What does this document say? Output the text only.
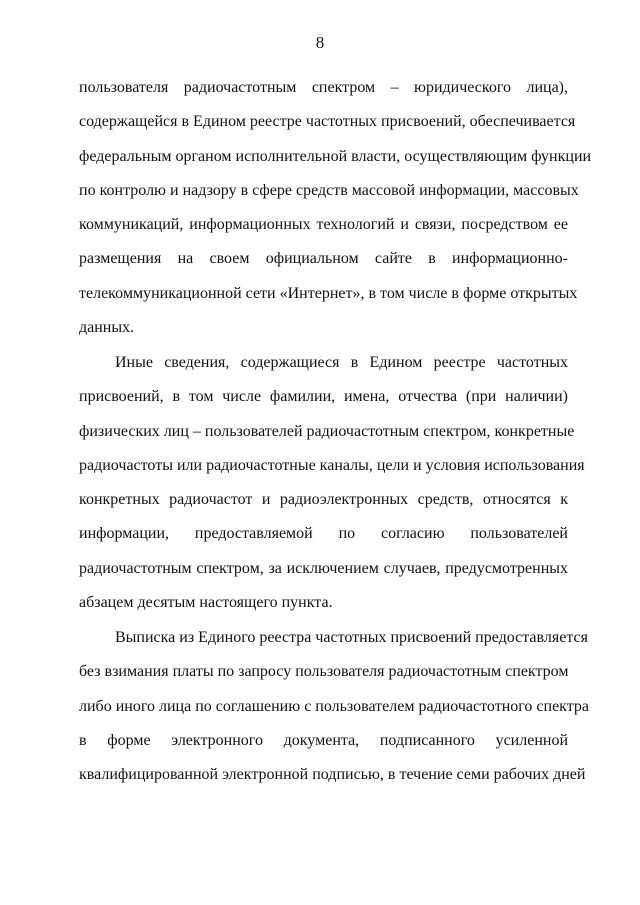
8
пользователя радиочастотным спектром – юридического лица),
содержащейся в Едином реестре частотных присвоений, обеспечивается
федеральным органом исполнительной власти, осуществляющим функции
по контролю и надзору в сфере средств массовой информации, массовых
коммуникаций, информационных технологий и связи, посредством ее
размещения на своем официальном сайте в информационно-
телекоммуникационной сети «Интернет», в том числе в форме открытых
данных.
Иные сведения, содержащиеся в Едином реестре частотных
присвоений, в том числе фамилии, имена, отчества (при наличии)
физических лиц – пользователей радиочастотным спектром, конкретные
радиочастоты или радиочастотные каналы, цели и условия использования
конкретных радиочастот и радиоэлектронных средств, относятся к
информации, предоставляемой по согласию пользователей
радиочастотным спектром, за исключением случаев, предусмотренных
абзацем десятым настоящего пункта.
Выписка из Единого реестра частотных присвоений предоставляется
без взимания платы по запросу пользователя радиочастотным спектром
либо иного лица по соглашению с пользователем радиочастотного спектра
в форме электронного документа, подписанного усиленной
квалифицированной электронной подписью, в течение семи рабочих дней
